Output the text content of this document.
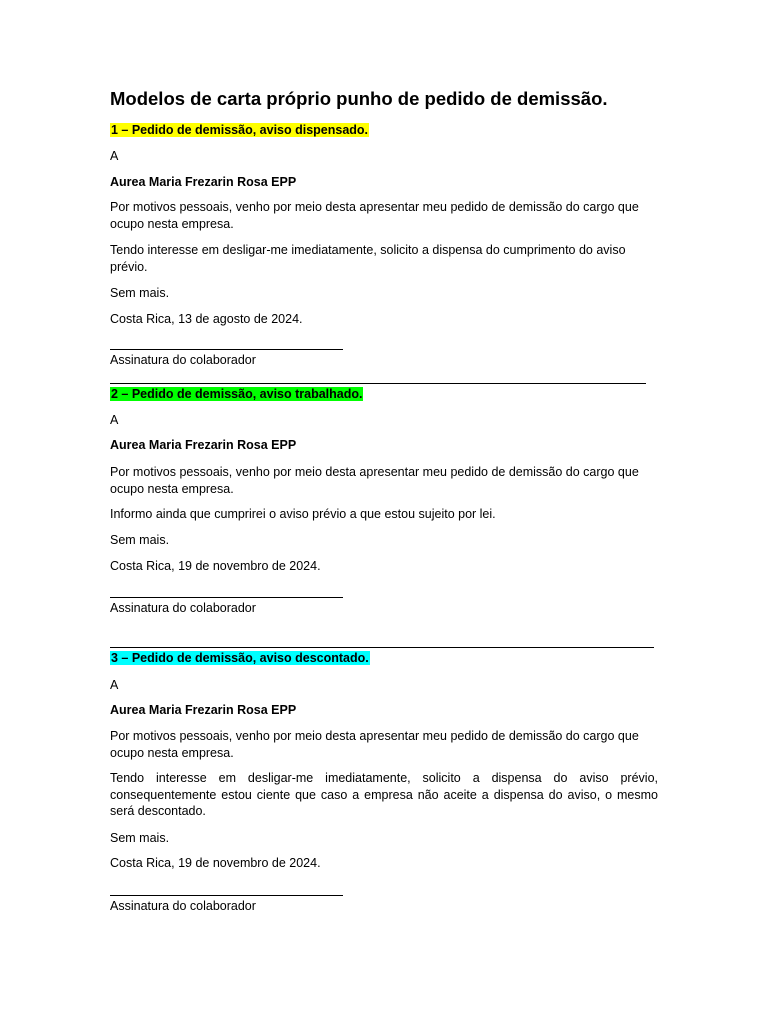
Modelos de carta próprio punho de pedido de demissão.
1 – Pedido de demissão, aviso dispensado.
A
Aurea Maria Frezarin Rosa EPP
Por motivos pessoais, venho por meio desta apresentar meu pedido de demissão do cargo que ocupo nesta empresa.
Tendo interesse em desligar-me imediatamente, solicito a dispensa do cumprimento do aviso prévio.
Sem mais.
Costa Rica, 13 de agosto de 2024.
Assinatura do colaborador
2 – Pedido de demissão, aviso trabalhado.
A
Aurea Maria Frezarin Rosa EPP
Por motivos pessoais, venho por meio desta apresentar meu pedido de demissão do cargo que ocupo nesta empresa.
Informo ainda que cumprirei o aviso prévio a que estou sujeito por lei.
Sem mais.
Costa Rica, 19 de novembro de 2024.
Assinatura do colaborador
3 – Pedido de demissão, aviso descontado.
A
Aurea Maria Frezarin Rosa EPP
Por motivos pessoais, venho por meio desta apresentar meu pedido de demissão do cargo que ocupo nesta empresa.
Tendo interesse em desligar-me imediatamente, solicito a dispensa do aviso prévio, consequentemente estou ciente que caso a empresa não aceite a dispensa do aviso, o mesmo será descontado.
Sem mais.
Costa Rica, 19 de novembro de 2024.
Assinatura do colaborador
